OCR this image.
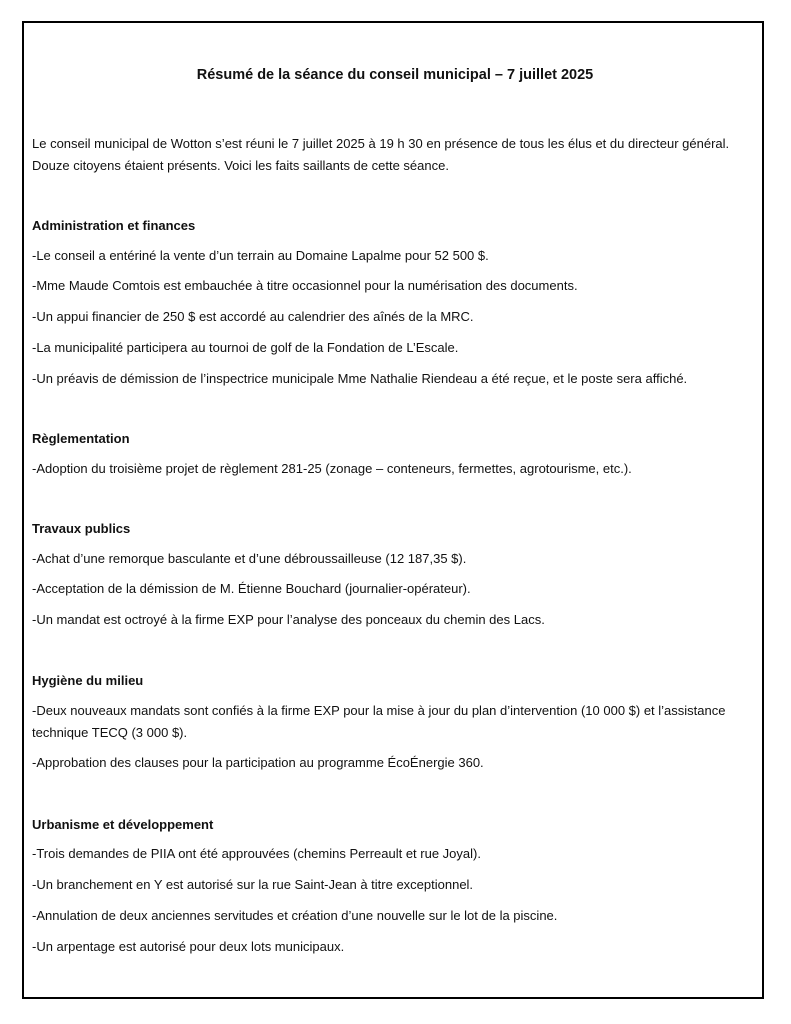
Résumé de la séance du conseil municipal – 7 juillet 2025

Le conseil municipal de Wotton s’est réuni le 7 juillet 2025 à 19 h 30 en présence de tous les élus et du directeur général. Douze citoyens étaient présents. Voici les faits saillants de cette séance.

Administration et finances

-Le conseil a entériné la vente d’un terrain au Domaine Lapalme pour 52 500 $.

-Mme Maude Comtois est embauchée à titre occasionnel pour la numérisation des documents.

-Un appui financier de 250 $ est accordé au calendrier des aînés de la MRC.

-La municipalité participera au tournoi de golf de la Fondation de L’Escale.

-Un préavis de démission de l’inspectrice municipale Mme Nathalie Riendeau a été reçue, et le poste sera affiché.

Règlementation

-Adoption du troisième projet de règlement 281-25 (zonage – conteneurs, fermettes, agrotourisme, etc.).

Travaux publics

-Achat d’une remorque basculante et d’une débroussailleuse (12 187,35 $).

-Acceptation de la démission de M. Étienne Bouchard (journalier-opérateur).

-Un mandat est octroyé à la firme EXP pour l’analyse des ponceaux du chemin des Lacs.

Hygiène du milieu

-Deux nouveaux mandats sont confiés à la firme EXP pour la mise à jour du plan d’intervention (10 000 $) et l’assistance technique TECQ (3 000 $).

-Approbation des clauses pour la participation au programme ÉcoÉnergie 360.

Urbanisme et développement

-Trois demandes de PIIA ont été approuvées (chemins Perreault et rue Joyal).

-Un branchement en Y est autorisé sur la rue Saint-Jean à titre exceptionnel.

-Annulation de deux anciennes servitudes et création d’une nouvelle sur le lot de la piscine.

-Un arpentage est autorisé pour deux lots municipaux.
